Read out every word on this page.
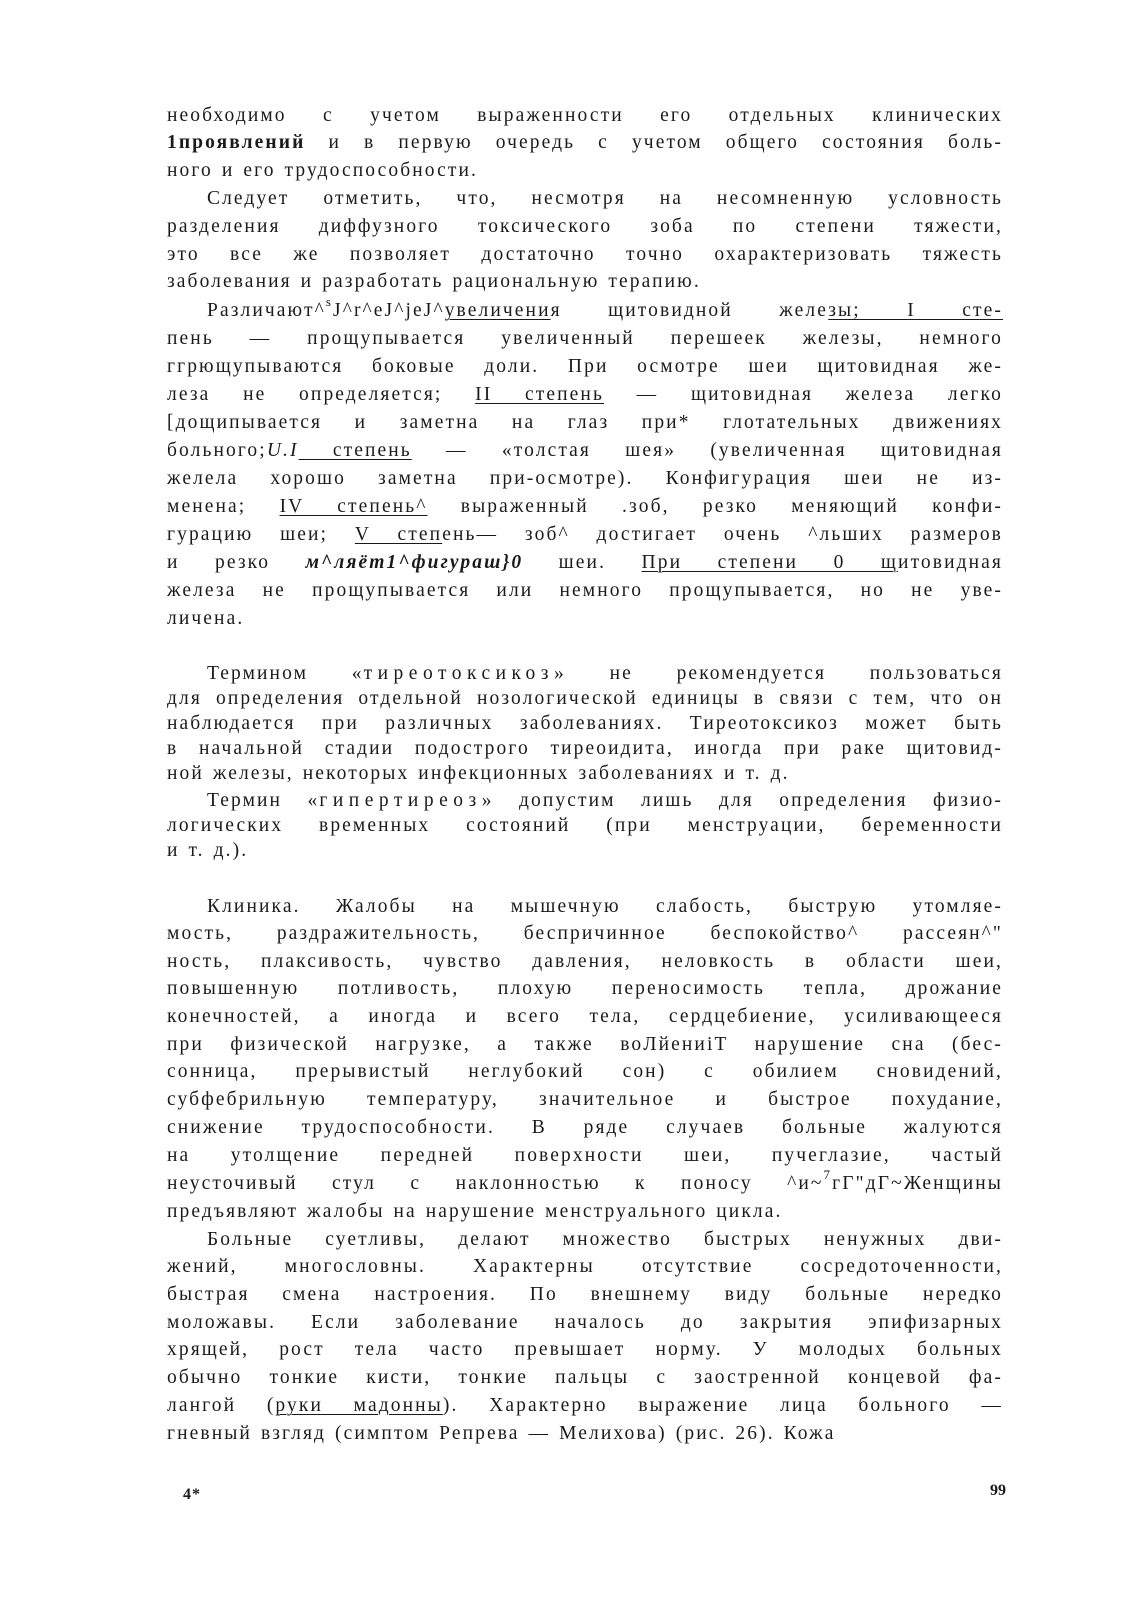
необходимо с учетом выраженности его отдельных клинических
1проявлений и в первую очередь с учетом общего состояния боль-
ного и его трудоспособности.
Следует отметить, что, несмотря на несомненную условность
разделения диффузного токсического зоба по степени тяжести,
это все же позволяет достаточно точно охарактеризовать тяжесть
заболевания и разработать рациональную терапию.
Различают^$^s$J^r^eJ^jeJ^увеличения щитовидной железы; I сте-
пень — прощупывается увеличенный перешеек железы, немного
ггрющупываются боковые доли. При осмотре шеи щитовидная же-
леза не определяется; II степень — щитовидная железа легко
[дощипывается и заметна на глаз при* глотательных движениях
больного;U.I степень — «толстая шея» (увеличенная щитовидная
желела хорошо заметна при-осмотре). Конфигурация шеи не из-
менена; IV степень^ выраженный .зоб, резко меняющий конфи-
гурацию шеи; V степень— зоб^ достигает очень ^льших размеров
и резко м^ляёт1^фигураш}0 шеи. При степени 0 щитовидная
железа не прощупывается или немного прощупывается, но не уве-
личена.
Термином «тиреотоксикоз» не рекомендуется пользоваться
для определения отдельной нозологической единицы в связи с тем, что он
наблюдается при различных заболеваниях. Тиреотоксикоз может быть
в начальной стадии подострого тиреоидита, иногда при раке щитовид-
ной железы, некоторых инфекционных заболеваниях и т. д.
Термин «гипертиреоз» допустим лишь для определения физио-
логических временных состояний (при менструации, беременности
и т. д.).
Клиника. Жалобы на мышечную слабость, быструю утомляе-
мость, раздражительность, беспричинное беспокойство^ рассеян^"
ность, плаксивость, чувство давления, неловкость в области шеи,
повышенную потливость, плохую переносимость тепла, дрожание
конечностей, а иногда и всего тела, сердцебиение, усиливающееся
при физической нагрузке, а также воЛйениiT нарушение сна (бес-
сонница, прерывистый неглубокий сон) с обилием сновидений,
субфебрильную температуру, значительное и быстрое похудание,
снижение трудоспособности. В ряде случаев больные жалуются
на утолщение передней поверхности шеи, пучеглазие, частый
неусточивый стул с наклонностью к поносу ^и~$^7$гГ"дГ~Женщины
предъявляют жалобы на нарушение менструального цикла.
Больные суетливы, делают множество быстрых ненужных дви-
жений, многословны. Характерны отсутствие сосредоточенности,
быстрая смена настроения. По внешнему виду больные нередко
моложавы. Если заболевание началось до закрытия эпифизарных
хрящей, рост тела часто превышает норму. У молодых больных
обычно тонкие кисти, тонкие пальцы с заостренной концевой фа-
лангой (руки мадонны). Характерно выражение лица больного —
гневный взгляд (симптом Репрева — Мелихова) (рис. 26). Кожа
4*	99
